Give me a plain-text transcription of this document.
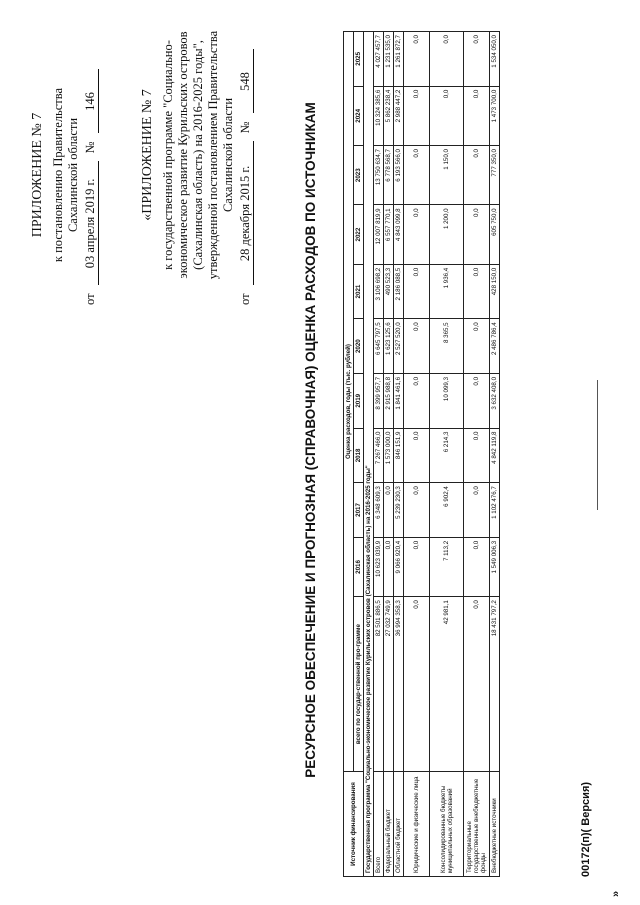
ПРИЛОЖЕНИЕ № 7 к постановлению Правительства Сахалинской области
от
03 апреля 2019 г.
№
146	«ПРИЛОЖЕНИЕ № 7 к государственной программе "Социально- экономическое развитие Курильских островов (Сахалинская область) на 2016-2025 годы", утвержденной постановлением Правительства Сахалинской области
от
28 декабря 2015 г.
№
548
РЕСУРСНОЕ ОБЕСПЕЧЕНИЕ И ПРОГНОЗНАЯ (СПРАВОЧНАЯ) ОЦЕНКА РАСХОДОВ ПО ИСТОЧНИКАМ
Источник финансирования	Оценка расходов, годы (тыс. рублей)										
	всего по государ-ственной про-грамме	2016	2017	2018	2019	2020	2021	2022	2023	2024	2025
Государственная программа "Социально-экономическое развитие Курильских островов (Сахалинская область) на 2016-2025 годы"											
Всего	82 501 886,5	10 623 039,9	6 348 609,3	7 267 466,0	8 399 957,7	6 645 797,5	3 106 698,2	12 007 819,9	13 750 634,7	10 324 385,6	4 027 457,7
Федеральный бюджет	27 032 749,9	0,0	0,0	1 573 000,0	2 915 988,8	1 623 125,6	490 523,3	6 557 770,1	6 778 568,7	5 862 238,4	1 231 535,0
Областной бюджет	36 994 358,3	9 066 920,4	5 239 230,3	846 151,9	1 841 461,6	2 527 520,0	2 186 088,5	4 843 099,8	6 193 566,0	2 988 447,2	1 261 872,7
Юридические и физические лица	0,0	0,0	0,0	0,0	0,0	0,0	0,0	0,0	0,0	0,0	0,0
Консолидированные бюджеты муниципальных образований	42 981,1	7 113,2	6 902,4	6 214,3	10 099,3	8 365,5	1 936,4	1 200,0	1 150,0	0,0	0,0
Территориальные государственные внебюджетные фонды	0,0	0,0	0,0	0,0	0,0	0,0	0,0	0,0	0,0	0,0	0,0
Внебюджетные источники	18 431 797,2	1 549 006,3	1 102 476,7	4 842 119,8	3 632 408,0	2 486 786,4	428 150,0	605 750,0	777 350,0	1 473 700,0	1 534 050,0
00172(п)( Версия)
»
